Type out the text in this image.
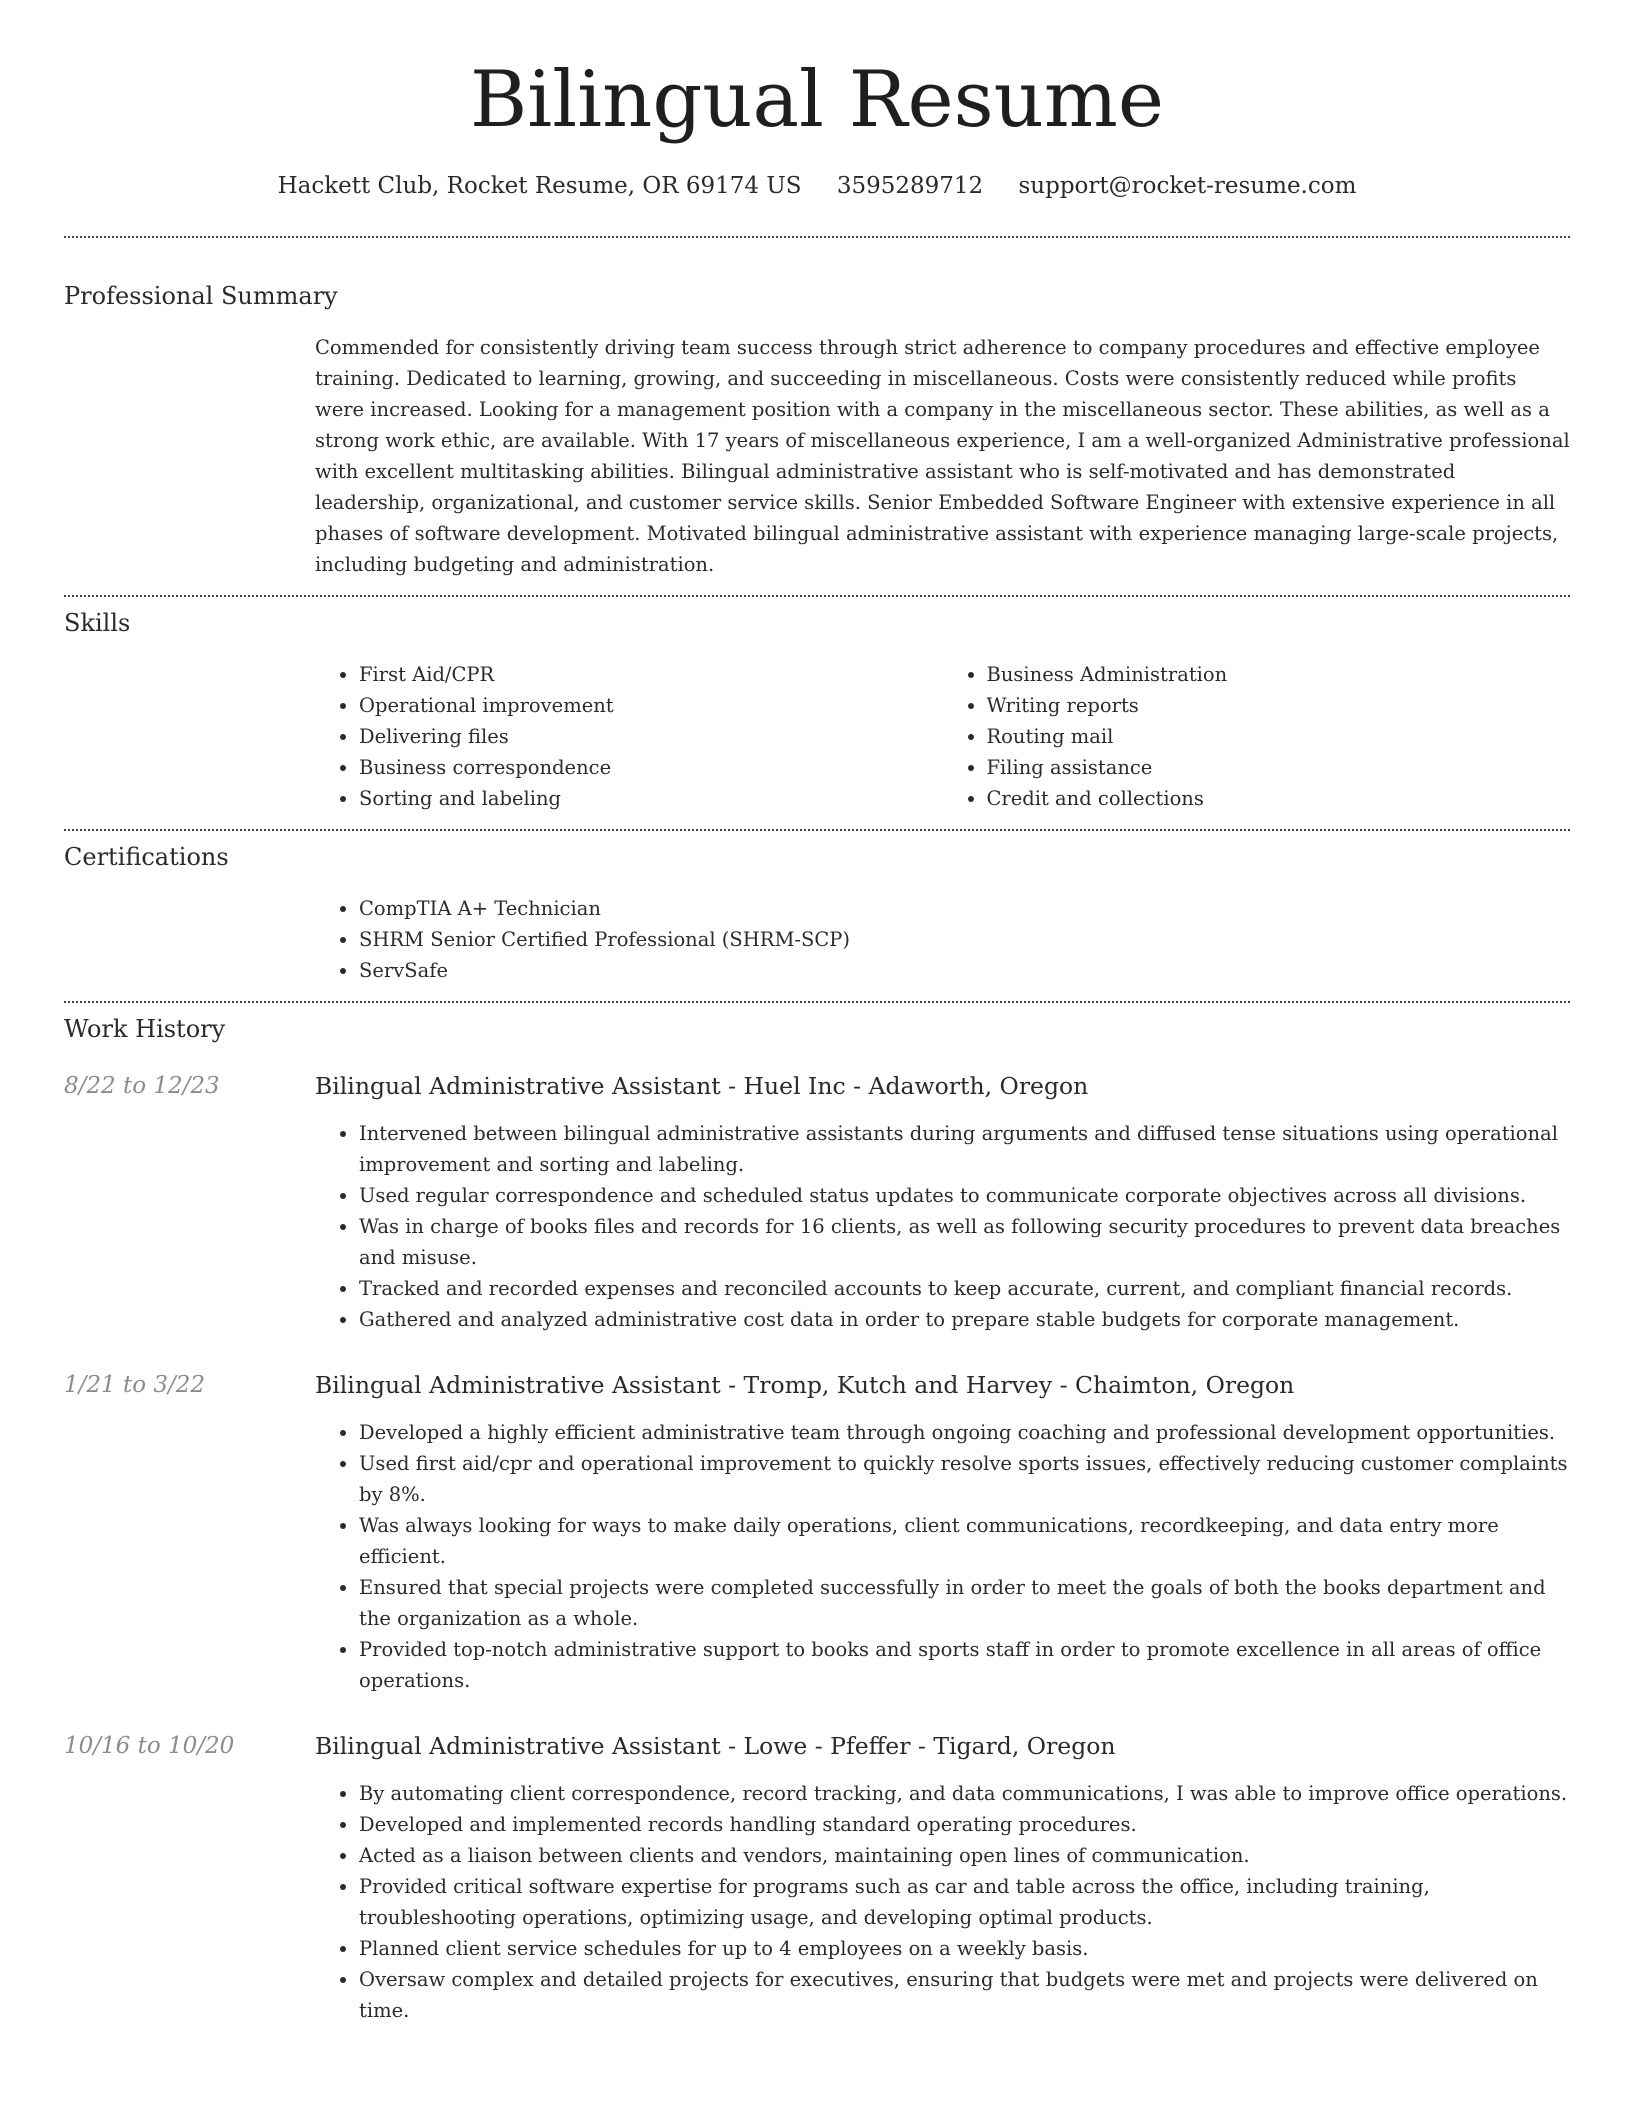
Bilingual Resume
Hackett Club, Rocket Resume, OR 69174 US 3595289712 support@rocket-resume.com
Professional Summary

Commended for consistently driving team success through strict adherence to company procedures and effective employee training. Dedicated to learning, growing, and succeeding in miscellaneous. Costs were consistently reduced while profits were increased. Looking for a management position with a company in the miscellaneous sector. These abilities, as well as a strong work ethic, are available. With 17 years of miscellaneous experience, I am a well-organized Administrative professional with excellent multitasking abilities. Bilingual administrative assistant who is self-motivated and has demonstrated leadership, organizational, and customer service skills. Senior Embedded Software Engineer with extensive experience in all phases of software development. Motivated bilingual administrative assistant with experience managing large-scale projects, including budgeting and administration.

Skills
• First Aid/CPR
• Operational improvement
• Delivering files
• Business correspondence
• Sorting and labeling
• Business Administration
• Writing reports
• Routing mail
• Filing assistance
• Credit and collections
Certifications
• CompTIA A+ Technician
• SHRM Senior Certified Professional (SHRM-SCP)
• ServSafe
Work History
8/22 to 12/23	Bilingual Administrative Assistant - Huel Inc - Adaworth, Oregon
• Intervened between bilingual administrative assistants during arguments and diffused tense situations using operational improvement and sorting and labeling.
• Used regular correspondence and scheduled status updates to communicate corporate objectives across all divisions.
• Was in charge of books files and records for 16 clients, as well as following security procedures to prevent data breaches and misuse.
• Tracked and recorded expenses and reconciled accounts to keep accurate, current, and compliant financial records.
• Gathered and analyzed administrative cost data in order to prepare stable budgets for corporate management.
1/21 to 3/22	Bilingual Administrative Assistant - Tromp, Kutch and Harvey - Chaimton, Oregon
• Developed a highly efficient administrative team through ongoing coaching and professional development opportunities.
• Used first aid/cpr and operational improvement to quickly resolve sports issues, effectively reducing customer complaints by 8%.
• Was always looking for ways to make daily operations, client communications, recordkeeping, and data entry more efficient.
• Ensured that special projects were completed successfully in order to meet the goals of both the books department and the organization as a whole.
• Provided top-notch administrative support to books and sports staff in order to promote excellence in all areas of office operations.
10/16 to 10/20	Bilingual Administrative Assistant - Lowe - Pfeffer - Tigard, Oregon
• By automating client correspondence, record tracking, and data communications, I was able to improve office operations.
• Developed and implemented records handling standard operating procedures.
• Acted as a liaison between clients and vendors, maintaining open lines of communication.
• Provided critical software expertise for programs such as car and table across the office, including training, troubleshooting operations, optimizing usage, and developing optimal products.
• Planned client service schedules for up to 4 employees on a weekly basis.
• Oversaw complex and detailed projects for executives, ensuring that budgets were met and projects were delivered on time.
